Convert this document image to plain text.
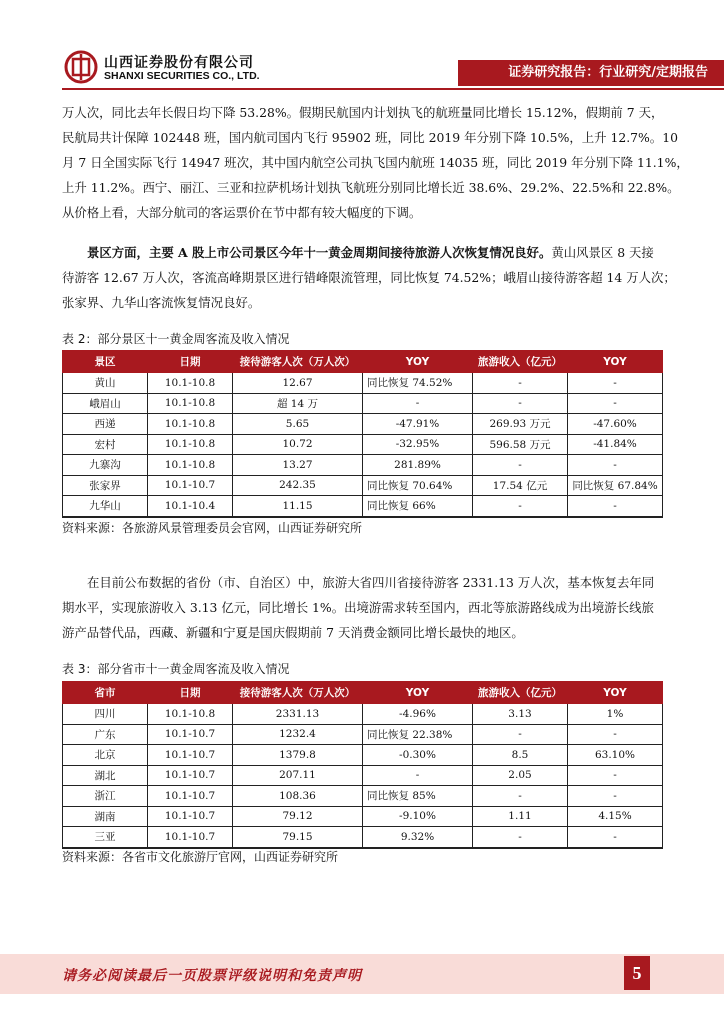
山西证券股份有限公司
SHANXI SECURITIES CO., LTD.	证券研究报告：行业研究/定期报告

万人次，同比去年长假日均下降 53.28%。假期民航国内计划执飞的航班量同比增长 15.12%，假期前 7 天，

民航局共计保障 102448 班，国内航司国内飞行 95902 班，同比 2019 年分别下降 10.5%，上升 12.7%。10

月 7 日全国实际飞行 14947 班次，其中国内航空公司执飞国内航班 14035 班，同比 2019 年分别下降 11.1%，

上升 11.2%。西宁、丽江、三亚和拉萨机场计划执飞航班分别同比增长近 38.6%、29.2%、22.5%和 22.8%。

从价格上看，大部分航司的客运票价在节中都有较大幅度的下调。

景区方面，主要 A 股上市公司景区今年十一黄金周期间接待旅游人次恢复情况良好。黄山风景区 8 天接

待游客 12.67 万人次，客流高峰期景区进行错峰限流管理，同比恢复 74.52%；峨眉山接待游客超 14 万人次；

张家界、九华山客流恢复情况良好。

表 2：部分景区十一黄金周客流及收入情况
景区	日期	接待游客人次（万人次）	YOY	旅游收入（亿元）	YOY
黄山	10.1-10.8	12.67	同比恢复 74.52%	-	-
峨眉山	10.1-10.8	超 14 万	-	-	-
西递	10.1-10.8	5.65	-47.91%	269.93 万元	-47.60%
宏村	10.1-10.8	10.72	-32.95%	596.58 万元	-41.84%
九寨沟	10.1-10.8	13.27	281.89%	-	-
张家界	10.1-10.7	242.35	同比恢复 70.64%	17.54 亿元	同比恢复 67.84%
九华山	10.1-10.4	11.15	同比恢复 66%	-	-
资料来源：各旅游风景管理委员会官网，山西证券研究所

在目前公布数据的省份（市、自治区）中，旅游大省四川省接待游客 2331.13 万人次，基本恢复去年同

期水平，实现旅游收入 3.13 亿元，同比增长 1%。出境游需求转至国内，西北等旅游路线成为出境游长线旅

游产品替代品，西藏、新疆和宁夏是国庆假期前 7 天消费金额同比增长最快的地区。

表 3：部分省市十一黄金周客流及收入情况
省市	日期	接待游客人次（万人次）	YOY	旅游收入（亿元）	YOY
四川	10.1-10.8	2331.13	-4.96%	3.13	1%
广东	10.1-10.7	1232.4	同比恢复 22.38%	-	-
北京	10.1-10.7	1379.8	-0.30%	8.5	63.10%
湖北	10.1-10.7	207.11	-	2.05	-
浙江	10.1-10.7	108.36	同比恢复 85%	-	-
湖南	10.1-10.7	79.12	-9.10%	1.11	4.15%
三亚	10.1-10.7	79.15	9.32%	-	-
资料来源：各省市文化旅游厅官网，山西证券研究所
请务必阅读最后一页股票评级说明和免责声明	5
